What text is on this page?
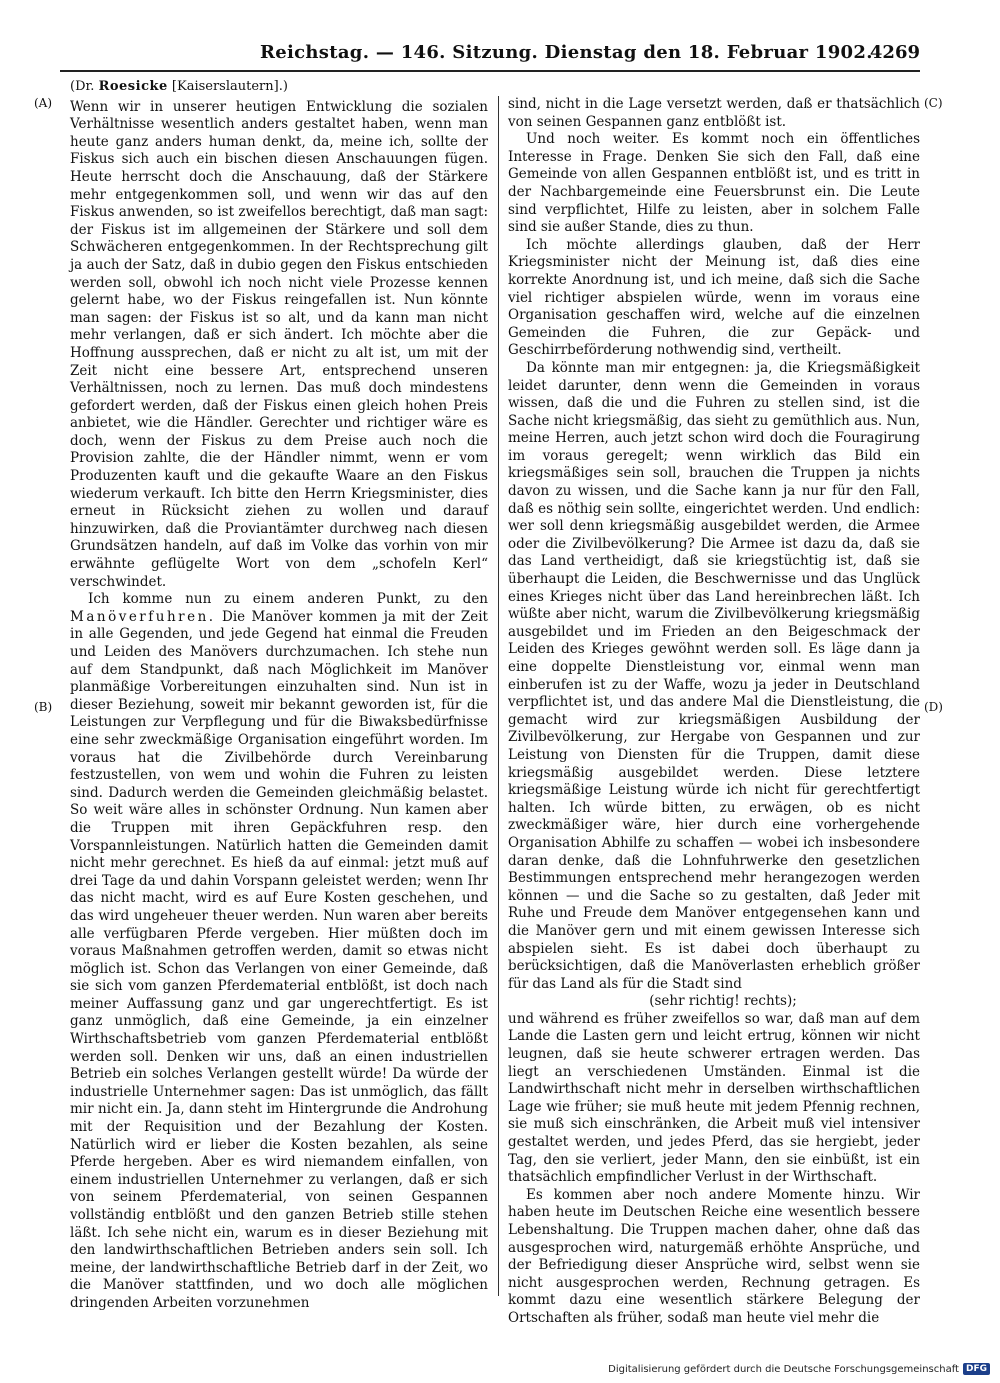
Reichstag. — 146. Sitzung. Dienstag den 18. Februar 1902.
4269
(A)
(B)
(C)
(D)
(Dr. Roesicke [Kaiserslautern].)

Wenn wir in unserer heutigen Entwicklung die sozialen Verhältnisse wesentlich anders gestaltet haben, wenn man heute ganz anders human denkt, da, meine ich, sollte der Fiskus sich auch ein bischen diesen Anschauungen fügen. Heute herrscht doch die Anschauung, daß der Stärkere mehr entgegenkommen soll, und wenn wir das auf den Fiskus anwenden, so ist zweifellos berechtigt, daß man sagt: der Fiskus ist im allgemeinen der Stärkere und soll dem Schwächeren entgegenkommen. In der Rechtsprechung gilt ja auch der Satz, daß in dubio gegen den Fiskus entschieden werden soll, obwohl ich noch nicht viele Prozesse kennen gelernt habe, wo der Fiskus reingefallen ist. Nun könnte man sagen: der Fiskus ist so alt, und da kann man nicht mehr verlangen, daß er sich ändert. Ich möchte aber die Hoffnung aussprechen, daß er nicht zu alt ist, um mit der Zeit nicht eine bessere Art, entsprechend unseren Verhältnissen, noch zu lernen. Das muß doch mindestens gefordert werden, daß der Fiskus einen gleich hohen Preis anbietet, wie die Händler. Gerechter und richtiger wäre es doch, wenn der Fiskus zu dem Preise auch noch die Provision zahlte, die der Händler nimmt, wenn er vom Produzenten kauft und die gekaufte Waare an den Fiskus wiederum verkauft. Ich bitte den Herrn Kriegsminister, dies erneut in Rücksicht ziehen zu wollen und darauf hinzuwirken, daß die Proviantämter durchweg nach diesen Grundsätzen handeln, auf daß im Volke das vorhin von mir erwähnte geflügelte Wort von dem „schofeln Kerl“ verschwindet.

Ich komme nun zu einem anderen Punkt, zu den Manöverfuhren. Die Manöver kommen ja mit der Zeit in alle Gegenden, und jede Gegend hat einmal die Freuden und Leiden des Manövers durchzumachen. Ich stehe nun auf dem Standpunkt, daß nach Möglichkeit im Manöver planmäßige Vorbereitungen einzuhalten sind. Nun ist in dieser Beziehung, soweit mir bekannt geworden ist, für die Leistungen zur Verpflegung und für die Biwaksbedürfnisse eine sehr zweckmäßige Organisation eingeführt worden. Im voraus hat die Zivilbehörde durch Vereinbarung festzustellen, von wem und wohin die Fuhren zu leisten sind. Dadurch werden die Gemeinden gleichmäßig belastet. So weit wäre alles in schönster Ordnung. Nun kamen aber die Truppen mit ihren Gepäckfuhren resp. den Vorspannleistungen. Natürlich hatten die Gemeinden damit nicht mehr gerechnet. Es hieß da auf einmal: jetzt muß auf drei Tage da und dahin Vorspann geleistet werden; wenn Ihr das nicht macht, wird es auf Eure Kosten geschehen, und das wird ungeheuer theuer werden. Nun waren aber bereits alle verfügbaren Pferde vergeben. Hier müßten doch im voraus Maßnahmen getroffen werden, damit so etwas nicht möglich ist. Schon das Verlangen von einer Gemeinde, daß sie sich vom ganzen Pferdematerial entblößt, ist doch nach meiner Auffassung ganz und gar ungerechtfertigt. Es ist ganz unmöglich, daß eine Gemeinde, ja ein einzelner Wirthschaftsbetrieb vom ganzen Pferdematerial entblößt werden soll. Denken wir uns, daß an einen industriellen Betrieb ein solches Verlangen gestellt würde! Da würde der industrielle Unternehmer sagen: Das ist unmöglich, das fällt mir nicht ein. Ja, dann steht im Hintergrunde die Androhung mit der Requisition und der Bezahlung der Kosten. Natürlich wird er lieber die Kosten bezahlen, als seine Pferde hergeben. Aber es wird niemandem einfallen, von einem industriellen Unternehmer zu verlangen, daß er sich von seinem Pferdematerial, von seinen Gespannen vollständig entblößt und den ganzen Betrieb stille stehen läßt. Ich sehe nicht ein, warum es in dieser Beziehung mit den landwirthschaftlichen Betrieben anders sein soll. Ich meine, der landwirthschaftliche Betrieb darf in der Zeit, wo die Manöver stattfinden, und wo doch alle möglichen dringenden Arbeiten vorzunehmen

sind, nicht in die Lage versetzt werden, daß er thatsächlich von seinen Gespannen ganz entblößt ist.

Und noch weiter. Es kommt noch ein öffentliches Interesse in Frage. Denken Sie sich den Fall, daß eine Gemeinde von allen Gespannen entblößt ist, und es tritt in der Nachbargemeinde eine Feuersbrunst ein. Die Leute sind verpflichtet, Hilfe zu leisten, aber in solchem Falle sind sie außer Stande, dies zu thun.

Ich möchte allerdings glauben, daß der Herr Kriegsminister nicht der Meinung ist, daß dies eine korrekte Anordnung ist, und ich meine, daß sich die Sache viel richtiger abspielen würde, wenn im voraus eine Organisation geschaffen wird, welche auf die einzelnen Gemeinden die Fuhren, die zur Gepäck- und Geschirrbeförderung nothwendig sind, vertheilt.

Da könnte man mir entgegnen: ja, die Kriegsmäßigkeit leidet darunter, denn wenn die Gemeinden in voraus wissen, daß die und die Fuhren zu stellen sind, ist die Sache nicht kriegsmäßig, das sieht zu gemüthlich aus. Nun, meine Herren, auch jetzt schon wird doch die Fouragirung im voraus geregelt; wenn wirklich das Bild ein kriegsmäßiges sein soll, brauchen die Truppen ja nichts davon zu wissen, und die Sache kann ja nur für den Fall, daß es nöthig sein sollte, eingerichtet werden. Und endlich: wer soll denn kriegsmäßig ausgebildet werden, die Armee oder die Zivilbevölkerung? Die Armee ist dazu da, daß sie das Land vertheidigt, daß sie kriegstüchtig ist, daß sie überhaupt die Leiden, die Beschwernisse und das Unglück eines Krieges nicht über das Land hereinbrechen läßt. Ich wüßte aber nicht, warum die Zivilbevölkerung kriegsmäßig ausgebildet und im Frieden an den Beigeschmack der Leiden des Krieges gewöhnt werden soll. Es läge dann ja eine doppelte Dienstleistung vor, einmal wenn man einberufen ist zu der Waffe, wozu ja jeder in Deutschland verpflichtet ist, und das andere Mal die Dienstleistung, die gemacht wird zur kriegsmäßigen Ausbildung der Zivilbevölkerung, zur Hergabe von Gespannen und zur Leistung von Diensten für die Truppen, damit diese kriegsmäßig ausgebildet werden. Diese letztere kriegsmäßige Leistung würde ich nicht für gerechtfertigt halten. Ich würde bitten, zu erwägen, ob es nicht zweckmäßiger wäre, hier durch eine vorhergehende Organisation Abhilfe zu schaffen — wobei ich insbesondere daran denke, daß die Lohnfuhrwerke den gesetzlichen Bestimmungen entsprechend mehr herangezogen werden können — und die Sache so zu gestalten, daß Jeder mit Ruhe und Freude dem Manöver entgegensehen kann und die Manöver gern und mit einem gewissen Interesse sich abspielen sieht. Es ist dabei doch überhaupt zu berücksichtigen, daß die Manöverlasten erheblich größer für das Land als für die Stadt sind

(sehr richtig! rechts);

und während es früher zweifellos so war, daß man auf dem Lande die Lasten gern und leicht ertrug, können wir nicht leugnen, daß sie heute schwerer ertragen werden. Das liegt an verschiedenen Umständen. Einmal ist die Landwirthschaft nicht mehr in derselben wirthschaftlichen Lage wie früher; sie muß heute mit jedem Pfennig rechnen, sie muß sich einschränken, die Arbeit muß viel intensiver gestaltet werden, und jedes Pferd, das sie hergiebt, jeder Tag, den sie verliert, jeder Mann, den sie einbüßt, ist ein thatsächlich empfindlicher Verlust in der Wirthschaft.

Es kommen aber noch andere Momente hinzu. Wir haben heute im Deutschen Reiche eine wesentlich bessere Lebenshaltung. Die Truppen machen daher, ohne daß das ausgesprochen wird, naturgemäß erhöhte Ansprüche, und der Befriedigung dieser Ansprüche wird, selbst wenn sie nicht ausgesprochen werden, Rechnung getragen. Es kommt dazu eine wesentlich stärkere Belegung der Ortschaften als früher, sodaß man heute viel mehr die

Digitalisierung gefördert durch die Deutsche Forschungsgemeinschaft DFG
